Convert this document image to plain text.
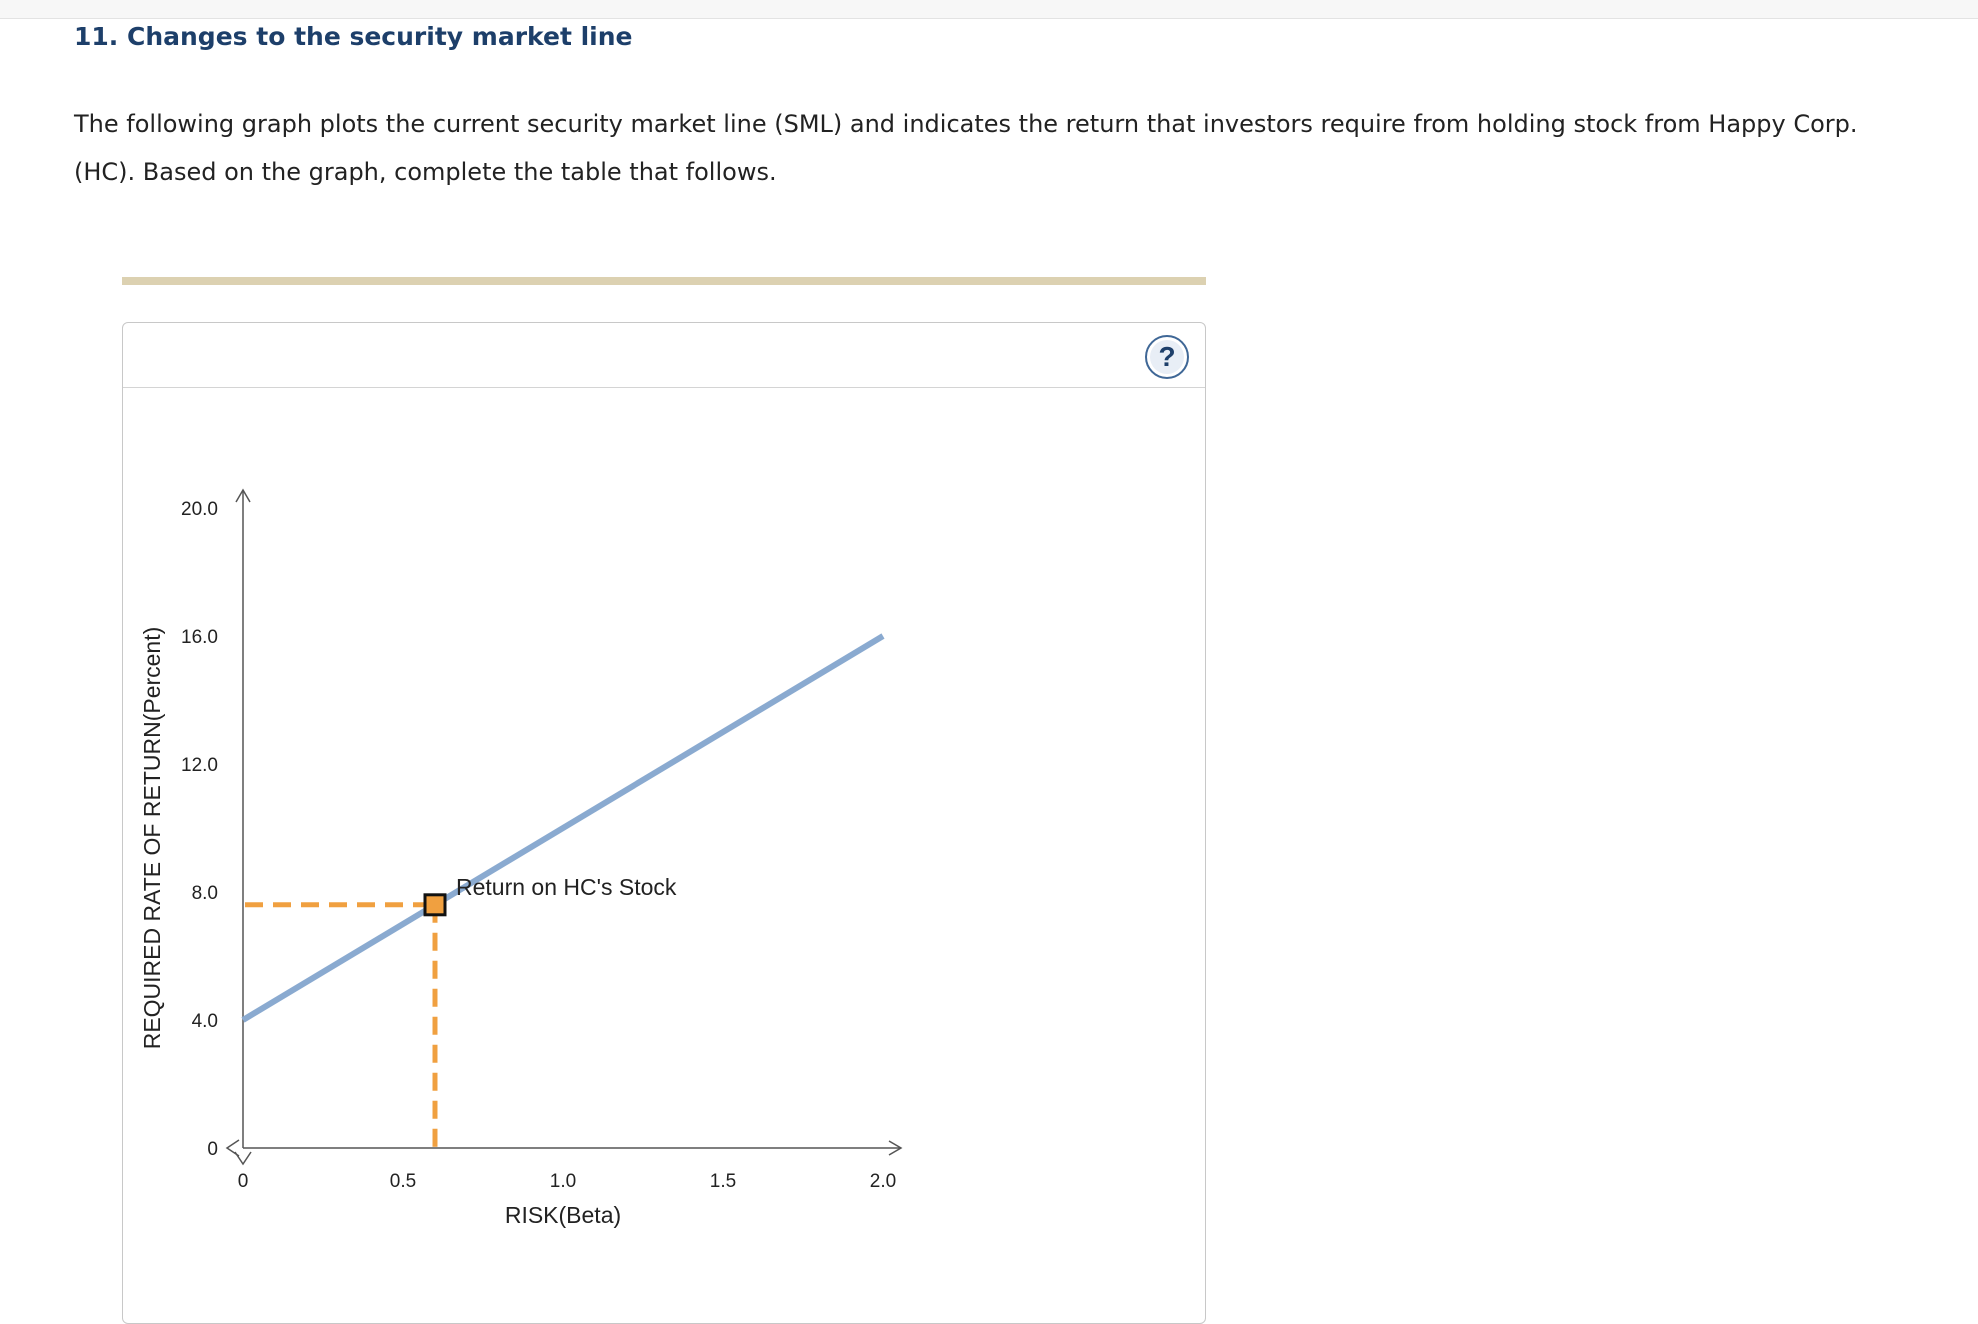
11. Changes to the security market line
The following graph plots the current security market line (SML) and indicates the return that investors require from holding stock from Happy Corp. (HC). Based on the graph, complete the table that follows.
?
0	0.5	1.0	1.5	2.0
0
4.0
8.0
12.0
16.0
20.0
RISK(Beta)
REQUIRED RATE OF RETURN(Percent)	Return on HC's Stock
